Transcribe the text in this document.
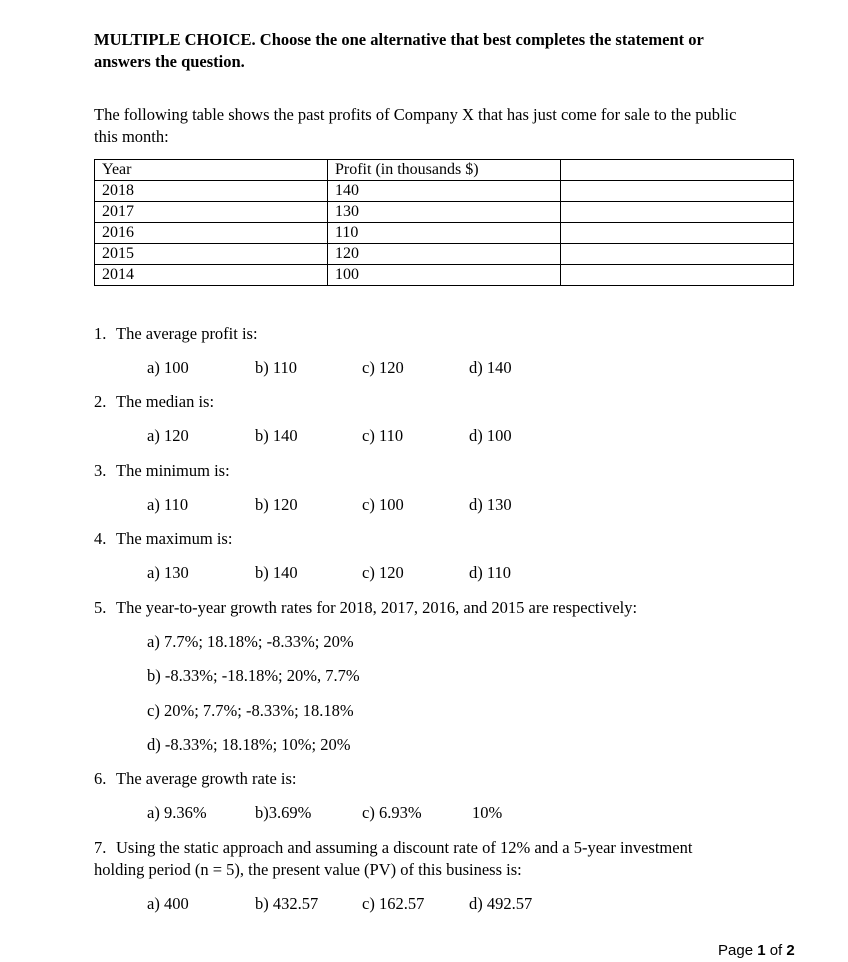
MULTIPLE CHOICE. Choose the one alternative that best completes the statement or
answers the question.
The following table shows the past profits of Company X that has just come for sale to the public
this month:
Year	Profit (in thousands $)	
2018	140	
2017	130	
2016	110	
2015	120	
2014	100	
1. The average profit is:
a) 100	b) 110	c) 120	d) 140
2. The median is:
a) 120	b) 140	c) 110	d) 100
3. The minimum is:
a) 110	b) 120	c) 100	d) 130
4. The maximum is:
a) 130	b) 140	c) 120	d) 110
5. The year-to-year growth rates for 2018, 2017, 2016, and 2015 are respectively:
a) 7.7%; 18.18%; -8.33%; 20%
b) -8.33%; -18.18%; 20%, 7.7%
c) 20%; 7.7%; -8.33%; 18.18%
d) -8.33%; 18.18%; 10%; 20%
6. The average growth rate is:
a) 9.36%	b)3.69%	c) 6.93%	10%
7. Using the static approach and assuming a discount rate of 12% and a 5-year investment
holding period (n = 5), the present value (PV) of this business is:
a) 400	b) 432.57	c) 162.57	d) 492.57
Page 1 of 2
